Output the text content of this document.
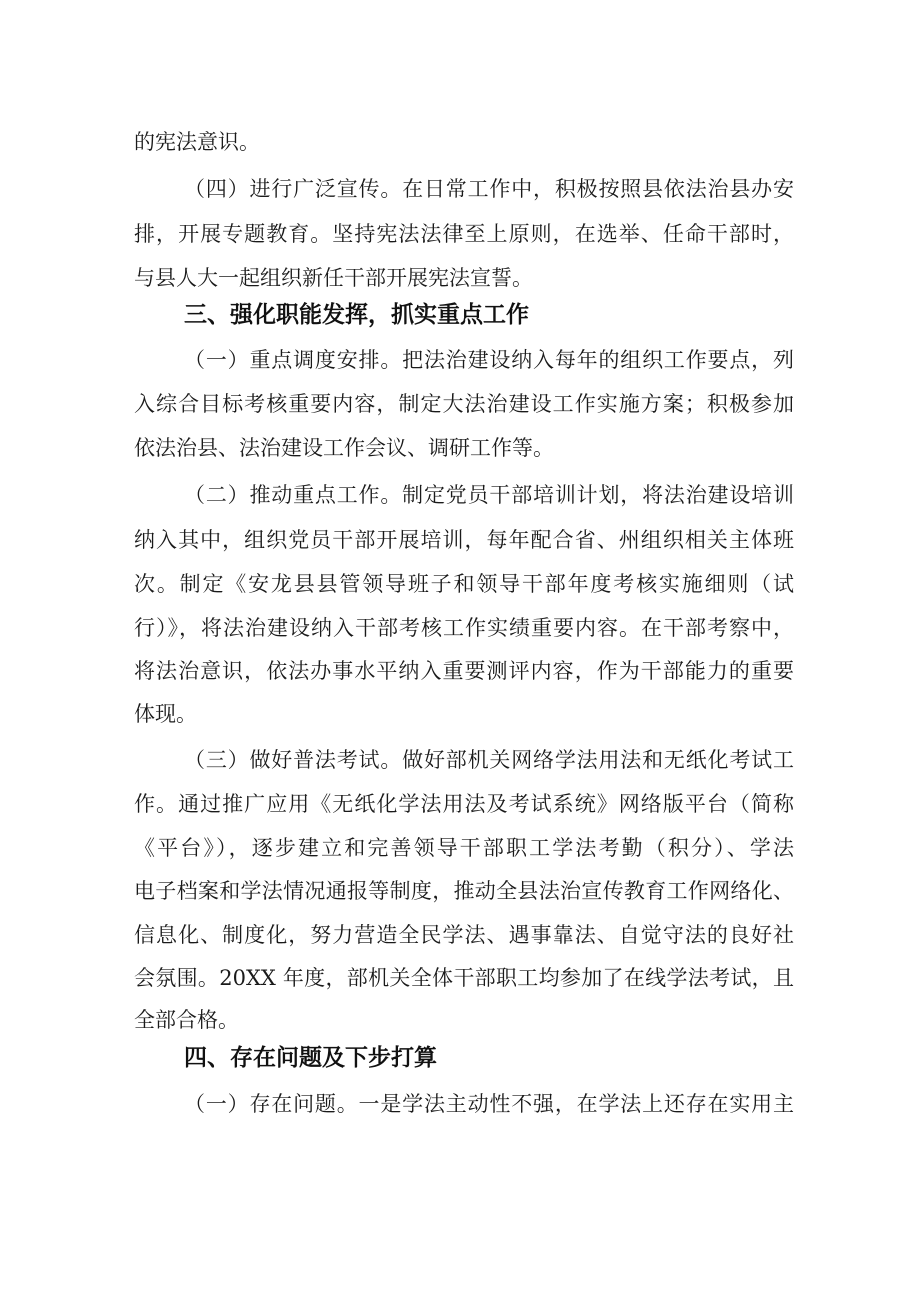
的宪法意识。
（四）进行广泛宣传。在日常工作中，积极按照县依法治县办安
排，开展专题教育。坚持宪法法律至上原则，在选举、任命干部时，
与县人大一起组织新任干部开展宪法宣誓。
三、强化职能发挥，抓实重点工作
（一）重点调度安排。把法治建设纳入每年的组织工作要点，列
入综合目标考核重要内容，制定大法治建设工作实施方案；积极参加
依法治县、法治建设工作会议、调研工作等。
（二）推动重点工作。制定党员干部培训计划，将法治建设培训
纳入其中，组织党员干部开展培训，每年配合省、州组织相关主体班
次。制定《安龙县县管领导班子和领导干部年度考核实施细则（试
行）》，将法治建设纳入干部考核工作实绩重要内容。在干部考察中，
将法治意识，依法办事水平纳入重要测评内容，作为干部能力的重要
体现。
（三）做好普法考试。做好部机关网络学法用法和无纸化考试工
作。通过推广应用《无纸化学法用法及考试系统》网络版平台（简称
《平台》），逐步建立和完善领导干部职工学法考勤（积分）、学法
电子档案和学法情况通报等制度，推动全县法治宣传教育工作网络化、
信息化、制度化，努力营造全民学法、遇事靠法、自觉守法的良好社
会氛围。20XX 年度，部机关全体干部职工均参加了在线学法考试，且
全部合格。
四、存在问题及下步打算
（一）存在问题。一是学法主动性不强，在学法上还存在实用主
